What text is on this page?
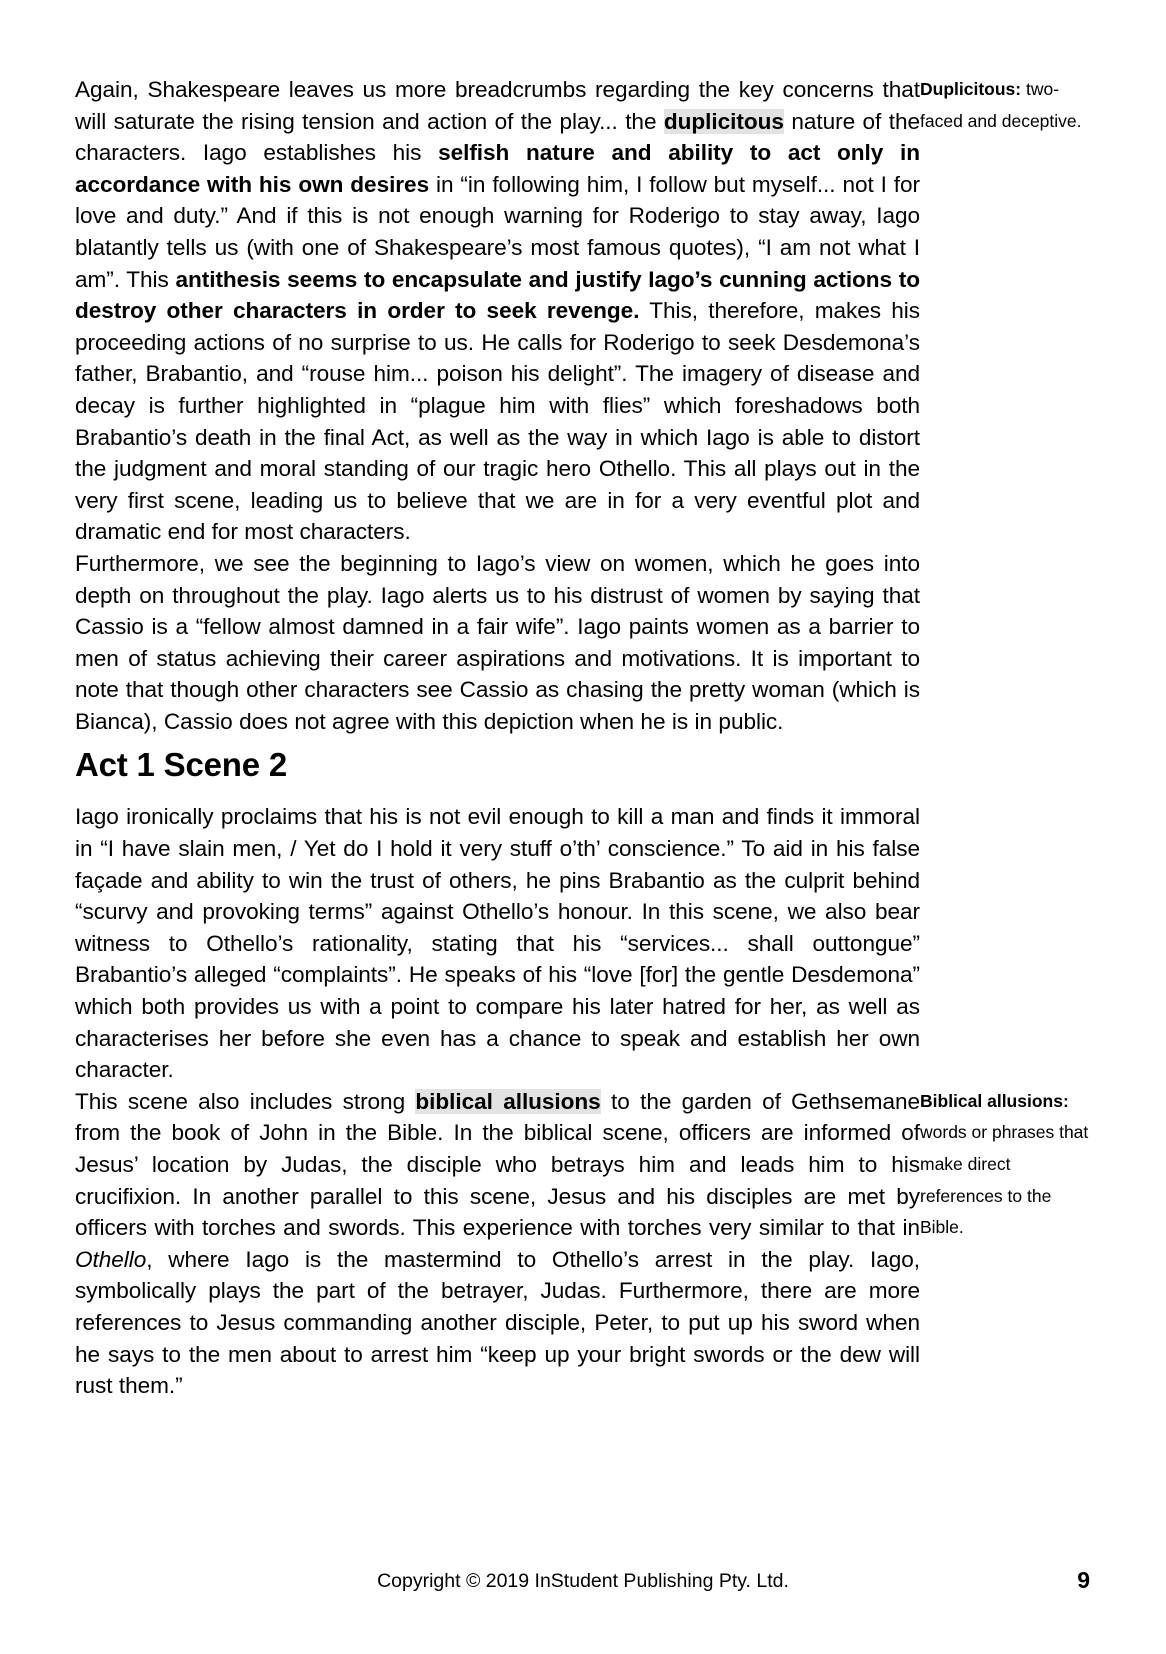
Again, Shakespeare leaves us more breadcrumbs regarding the key concerns that will saturate the rising tension and action of the play... the duplicitous nature of the characters. Iago establishes his selfish nature and ability to act only in accordance with his own desires in “in following him, I follow but myself... not I for love and duty.” And if this is not enough warning for Roderigo to stay away, Iago blatantly tells us (with one of Shakespeare’s most famous quotes), “I am not what I am”. This antithesis seems to encapsulate and justify Iago’s cunning actions to destroy other characters in order to seek revenge. This, therefore, makes his proceeding actions of no surprise to us. He calls for Roderigo to seek Desdemona’s father, Brabantio, and “rouse him... poison his delight”. The imagery of disease and decay is further highlighted in “plague him with flies” which foreshadows both Brabantio’s death in the final Act, as well as the way in which Iago is able to distort the judgment and moral standing of our tragic hero Othello. This all plays out in the very first scene, leading us to believe that we are in for a very eventful plot and dramatic end for most characters.

Duplicitous: two-faced and deceptive.

Furthermore, we see the beginning to Iago’s view on women, which he goes into depth on throughout the play. Iago alerts us to his distrust of women by saying that Cassio is a “fellow almost damned in a fair wife”. Iago paints women as a barrier to men of status achieving their career aspirations and motivations. It is important to note that though other characters see Cassio as chasing the pretty woman (which is Bianca), Cassio does not agree with this depiction when he is in public.

Act 1 Scene 2

Iago ironically proclaims that his is not evil enough to kill a man and finds it immoral in “I have slain men, / Yet do I hold it very stuff o’th’ conscience.” To aid in his false façade and ability to win the trust of others, he pins Brabantio as the culprit behind “scurvy and provoking terms” against Othello’s honour. In this scene, we also bear witness to Othello’s rationality, stating that his “services... shall outtongue” Brabantio’s alleged “complaints”. He speaks of his “love [for] the gentle Desdemona” which both provides us with a point to compare his later hatred for her, as well as characterises her before she even has a chance to speak and establish her own character.

This scene also includes strong biblical allusions to the garden of Gethsemane from the book of John in the Bible. In the biblical scene, officers are informed of Jesus’ location by Judas, the disciple who betrays him and leads him to his crucifixion. In another parallel to this scene, Jesus and his disciples are met by officers with torches and swords. This experience with torches very similar to that in Othello, where Iago is the mastermind to Othello’s arrest in the play. Iago, symbolically plays the part of the betrayer, Judas. Furthermore, there are more references to Jesus commanding another disciple, Peter, to put up his sword when he says to the men about to arrest him “keep up your bright swords or the dew will rust them.”

Biblical allusions: words or phrases that make direct references to the Bible.

Copyright © 2019 InStudent Publishing Pty. Ltd.	9
